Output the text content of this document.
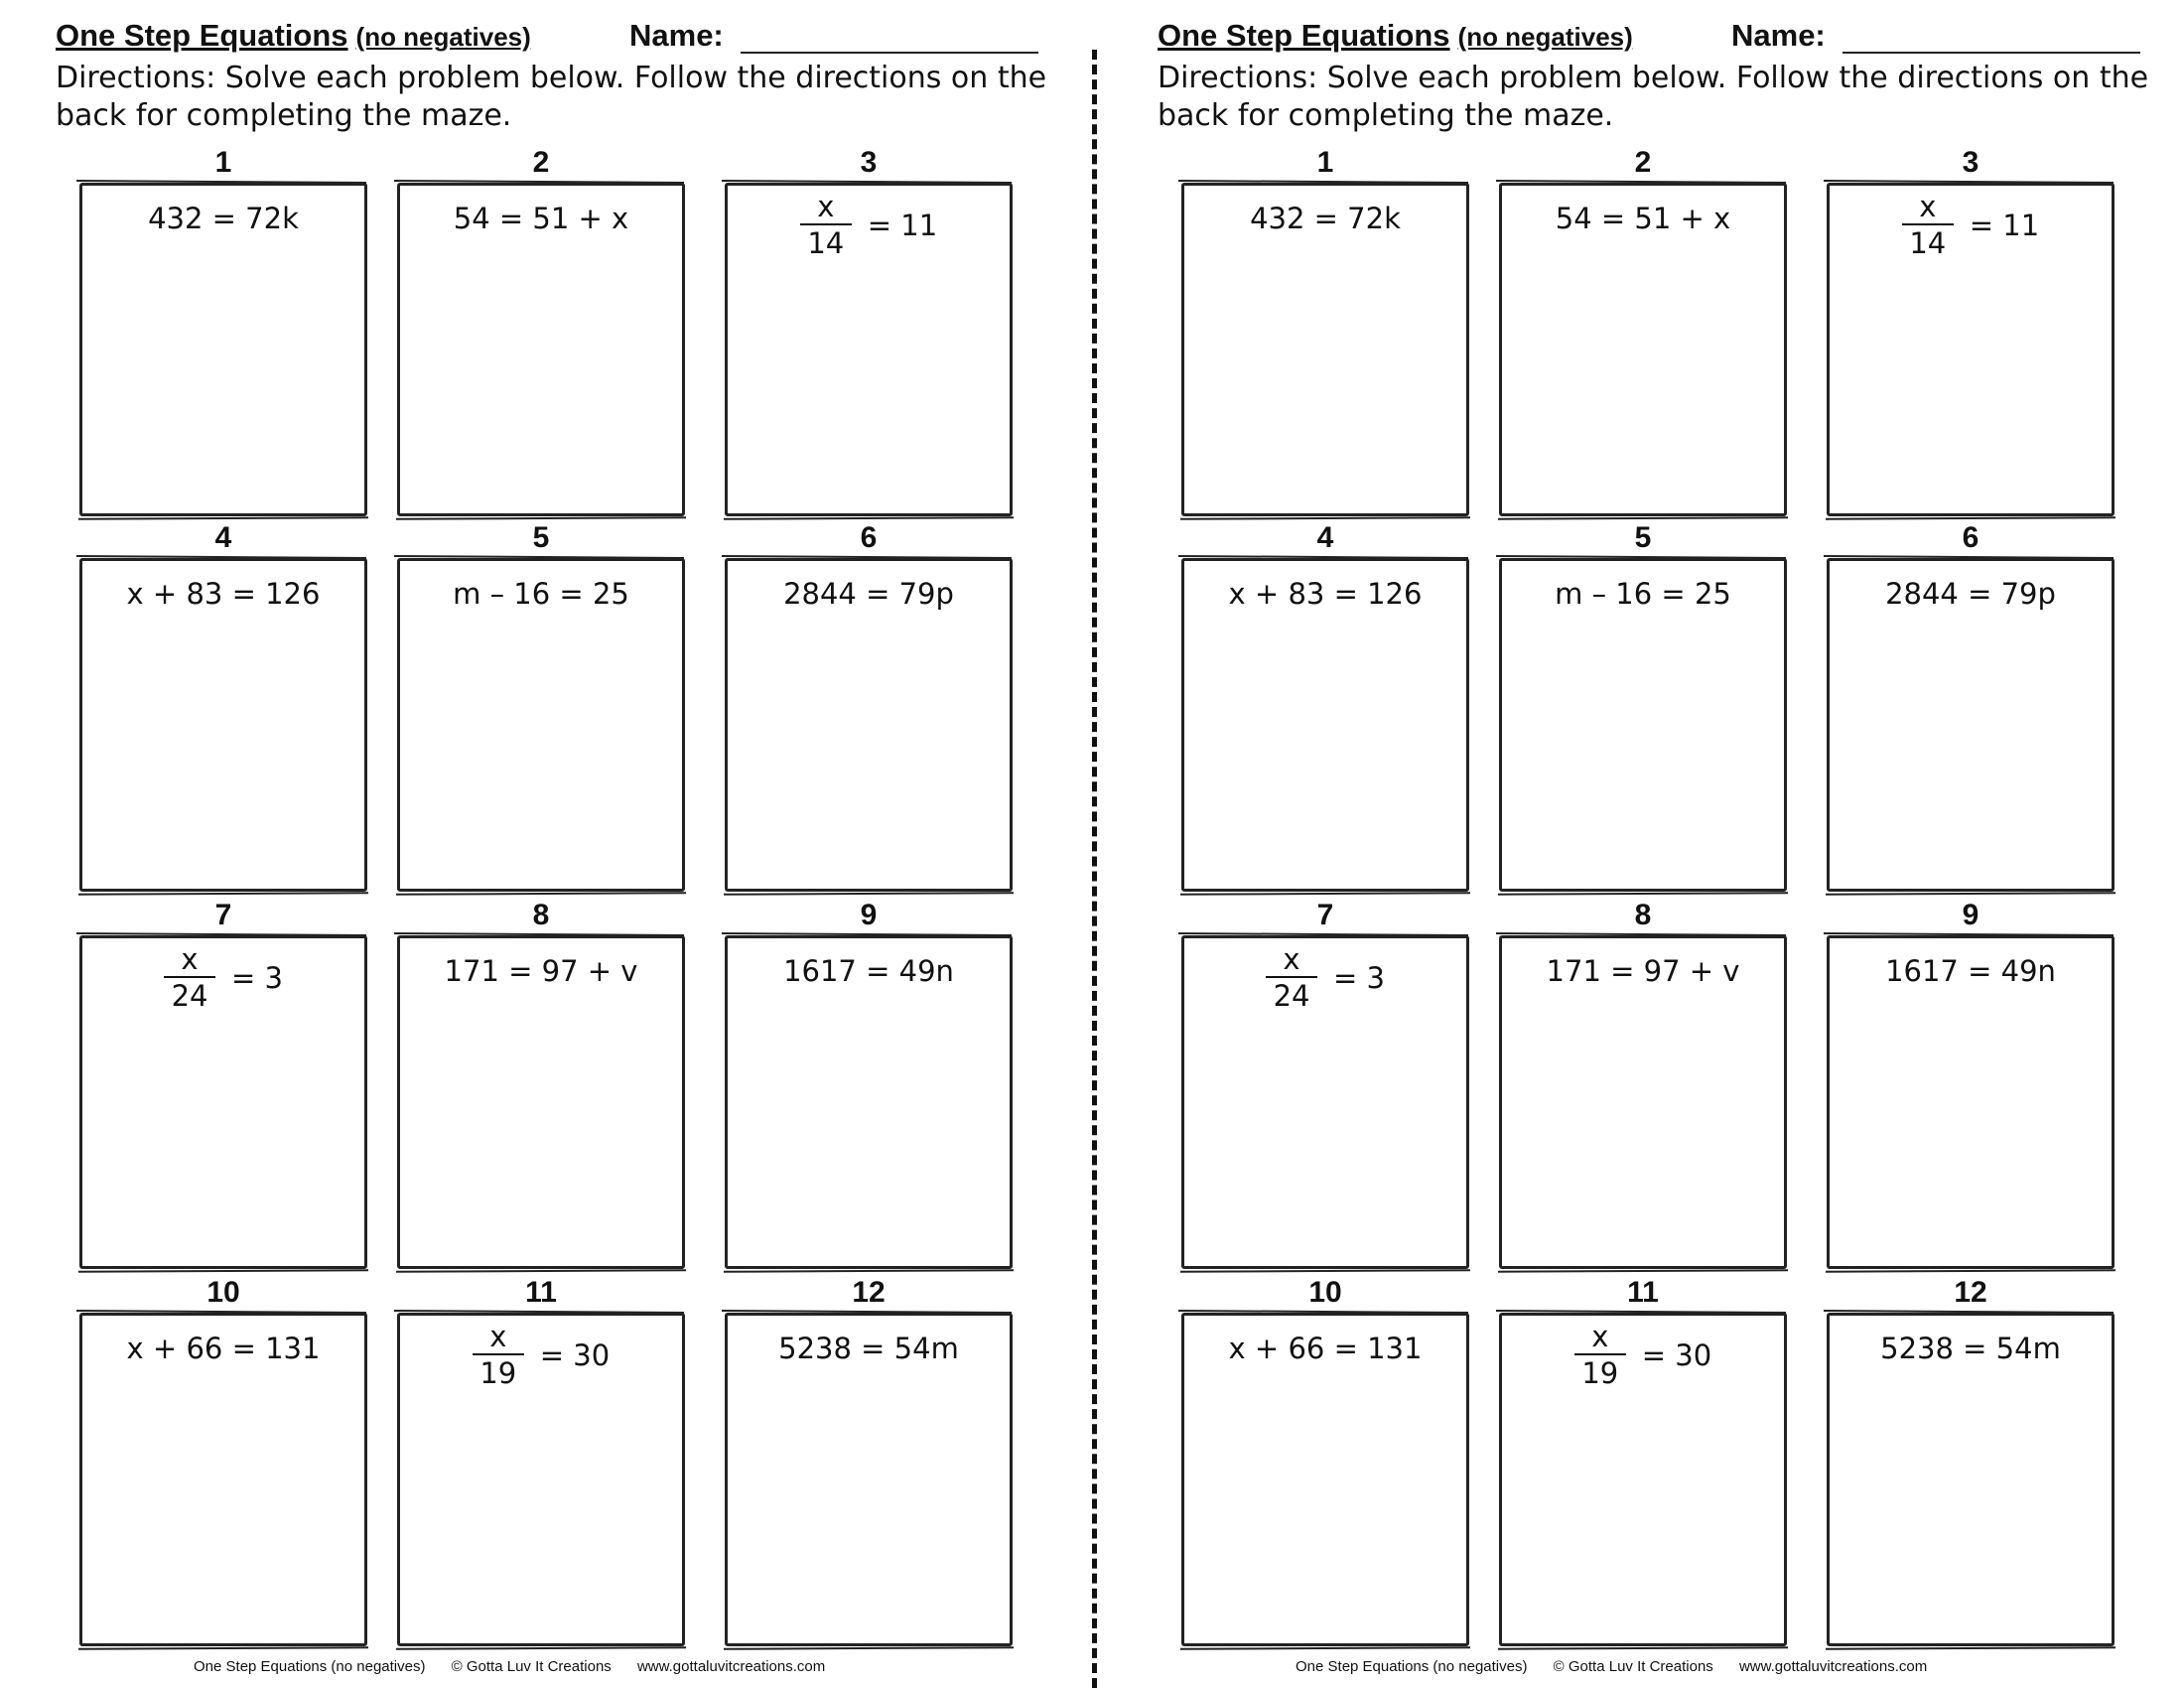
One Step Equations (no negatives)	Name:
Directions: Solve each problem below. Follow the directions on the back for completing the maze.
1
432 = 72k
2
54 = 51 + x
3
$\frac{x}{14} = 11$
4
x + 83 = 126
5
m – 16 = 25
6
2844 = 79p
7
$\frac{x}{24} = 3$
8
171 = 97 + v
9
1617 = 49n
10
x + 66 = 131
11
$\frac{x}{19} = 30$
12
5238 = 54m
One Step Equations (no negatives) © Gotta Luv It Creations www.gottaluvitcreations.com
One Step Equations (no negatives)	Name:
Directions: Solve each problem below. Follow the directions on the back for completing the maze.
1
432 = 72k
2
54 = 51 + x
3
$\frac{x}{14} = 11$
4
x + 83 = 126
5
m – 16 = 25
6
2844 = 79p
7
$\frac{x}{24} = 3$
8
171 = 97 + v
9
1617 = 49n
10
x + 66 = 131
11
$\frac{x}{19} = 30$
12
5238 = 54m
One Step Equations (no negatives) © Gotta Luv It Creations www.gottaluvitcreations.com
